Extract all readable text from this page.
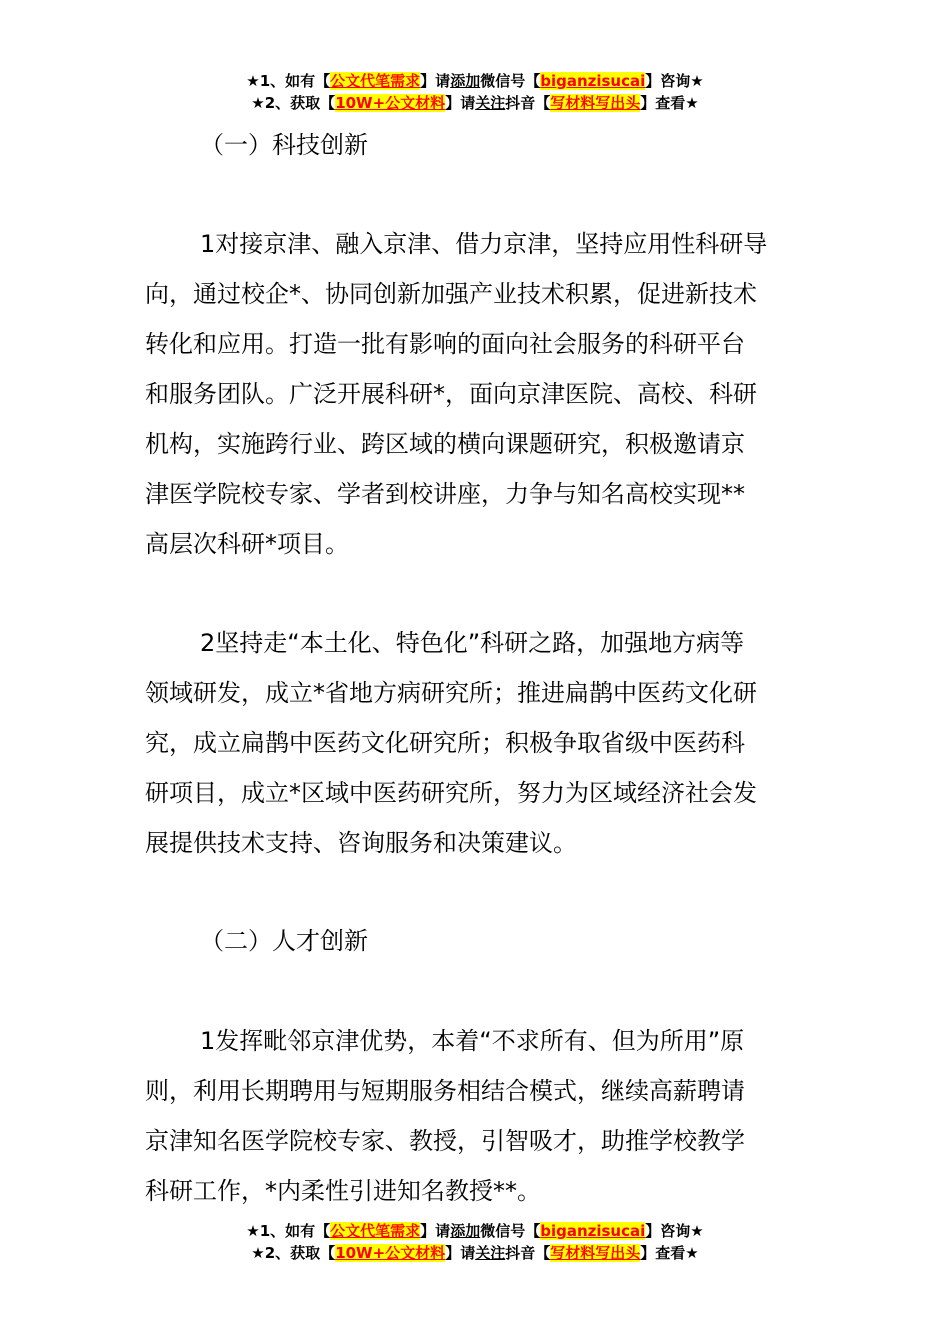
★1、如有【公文代笔需求】请添加微信号【biganzisucai】咨询★
★2、获取【10W+公文材料】请关注抖音【写材料写出头】查看★
（一）科技创新
1对接京津、融入京津、借力京津，坚持应用性科研导
向，通过校企*、协同创新加强产业技术积累，促进新技术
转化和应用。打造一批有影响的面向社会服务的科研平台
和服务团队。广泛开展科研*，面向京津医院、高校、科研
机构，实施跨行业、跨区域的横向课题研究，积极邀请京
津医学院校专家、学者到校讲座，力争与知名高校实现**
高层次科研*项目。
2坚持走“本土化、特色化”科研之路，加强地方病等
领域研发，成立*省地方病研究所；推进扁鹊中医药文化研
究，成立扁鹊中医药文化研究所；积极争取省级中医药科
研项目，成立*区域中医药研究所，努力为区域经济社会发
展提供技术支持、咨询服务和决策建议。
（二）人才创新
1发挥毗邻京津优势，本着“不求所有、但为所用”原
则，利用长期聘用与短期服务相结合模式，继续高薪聘请
京津知名医学院校专家、教授，引智吸才，助推学校教学
科研工作，*内柔性引进知名教授**。
★1、如有【公文代笔需求】请添加微信号【biganzisucai】咨询★
★2、获取【10W+公文材料】请关注抖音【写材料写出头】查看★
